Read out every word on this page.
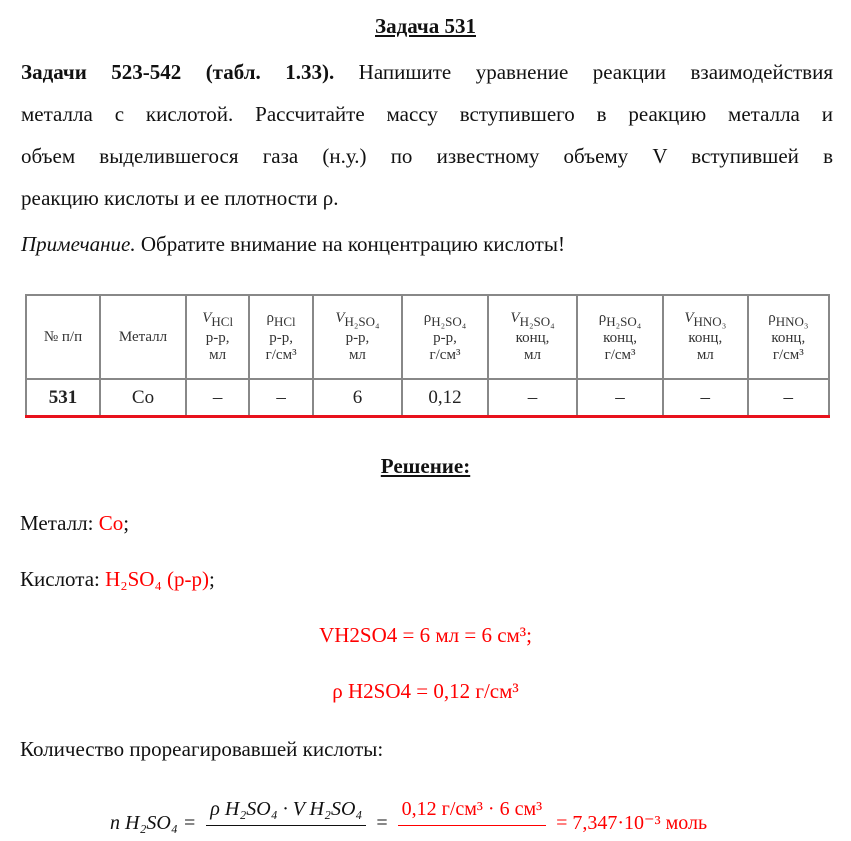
Задача 531

Задачи 523-542 (табл. 1.33). Напишите уравнение реакции взаимодействия

металла с кислотой. Рассчитайте массу вступившего в реакцию металла и

объем выделившегося газа (н.у.) по известному объему V вступившей в

реакцию кислоты и ее плотности ρ.

Примечание. Обратите внимание на концентрацию кислоты!
№ п/п	Металл	$V_{HCl}$
р-р,
мл	$\rho_{HCl}$
р-р,
г/см³	$V_{H_2SO_4}$
р-р,
мл	$\rho_{H_2SO_4}$
р-р,
г/см³	$V_{H_2SO_4}$
конц,
мл	$\rho_{H_2SO_4}$
конц,
г/см³	$V_{HNO_3}$
конц,
мл	$\rho_{HNO_3}$
конц,
г/см³
531	Co	–	–	6	0,12	–	–	–	–
Решение:
Металл: Co;
Кислота: H₂SO₄ (р-р);
VH2SO4 = 6 мл = 6 см³;
ρ H2SO4 = 0,12 г/см³
Количество прореагировавшей кислоты:
n H₂SO₄ =
ρ H₂SO₄ · V H₂SO₄
=
0,12 г/см³ · 6 см³
= 7,347·10⁻³ моль
